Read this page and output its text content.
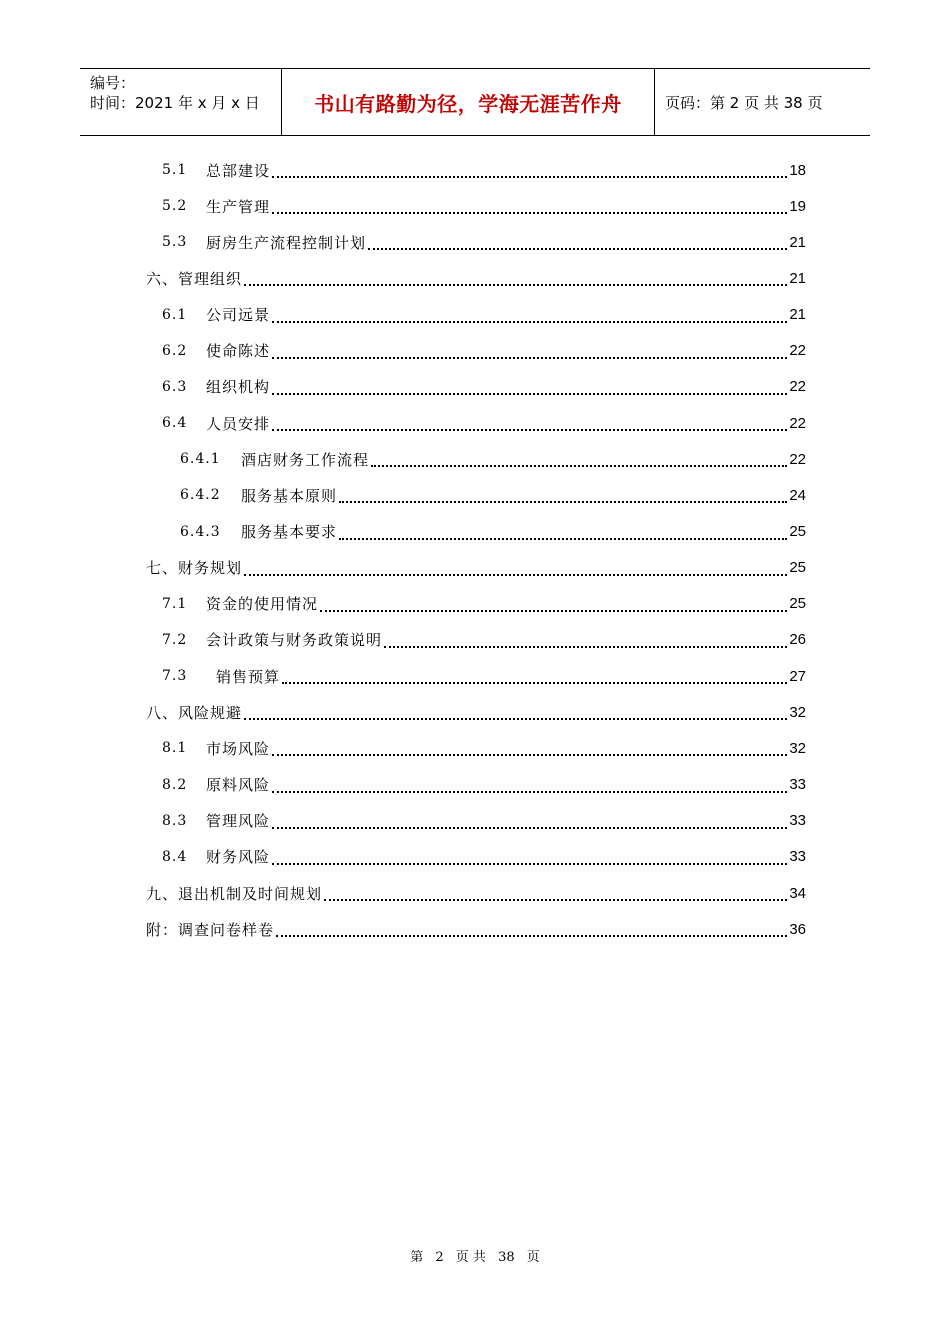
编号：
时间：2021 年 x 月 x 日	书山有路勤为径，学海无涯苦作舟	页码：第 2 页 共 38 页
5.1	总部建设	18
5.2	生产管理	19
5.3	厨房生产流程控制计划	21
六、管理组织	21
6.1	公司远景	21
6.2	使命陈述	22
6.3	组织机构	22
6.4	人员安排	22
6.4.1	酒店财务工作流程	22
6.4.2	服务基本原则	24
6.4.3	服务基本要求	25
七、财务规划	25
7.1	资金的使用情况	25
7.2	会计政策与财务政策说明	26
7.3	销售预算	27
八、风险规避	32
8.1	市场风险	32
8.2	原料风险	33
8.3	管理风险	33
8.4	财务风险	33
九、退出机制及时间规划	34
附：调查问卷样卷	36
第 2 页 共 38 页
